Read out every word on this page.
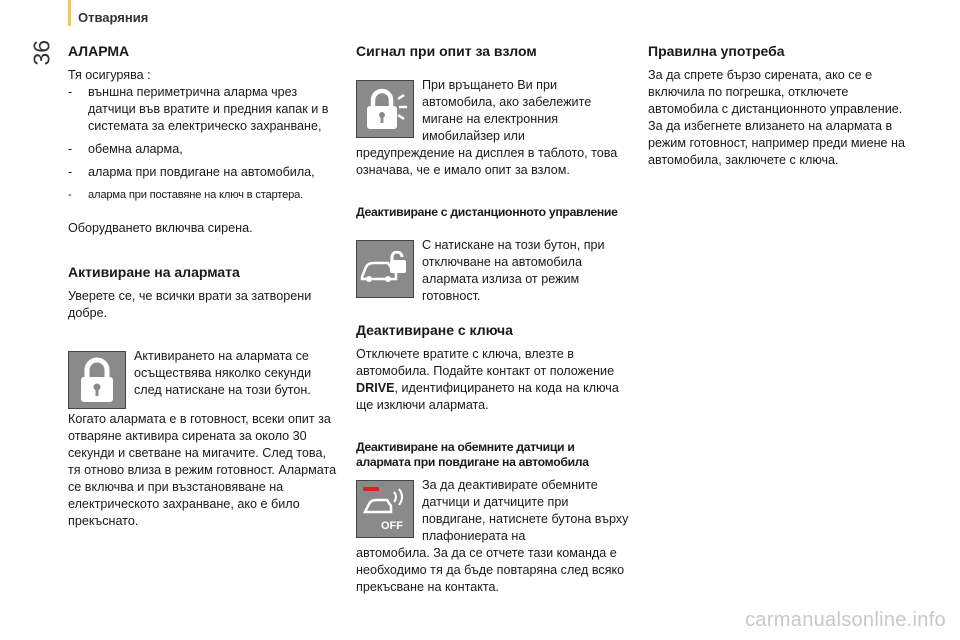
Отваряния
36 АЛАРМА

Тя осигурява :

- външна периметрична аларма чрез датчици във вратите и предния капак и в системата за електрическо захранване,
- обемна аларма,
- аларма при повдигане на автомобила,
- аларма при поставяне на ключ в стартера.

Оборудването включва сирена.

Активиране на алармата

Уверете се, че всички врати за затворени добре.

Активирането на алармата се осъществява няколко секунди след натискане на този бутон.

Когато алармата е в готовност, всеки опит за отваряне активира сирената за около 30 секунди и светване на мигачите. След това, тя отново влиза в режим готовност. Алармата се включва и при възстановяване на електрическото захранване, ако е било прекъснато.

Сигнал при опит за взлом

При връщането Ви при автомобила, ако забележите мигане на електронния имобилайзер или

предупреждение на дисплея в таблото, това означава, че е имало опит за взлом.

Деактивиране с дистанционното управление

С натискане на този бутон, при отключване на автомобила алармата излиза от режим готовност.

Деактивиране с ключа

Отключете вратите с ключа, влезте в автомобила. Подайте контакт от положение DRIVE, идентифицирането на кода на ключа ще изключи алармата.

Деактивиране на обемните датчици и алармата при повдигане на автомобила
OFF

За да деактивирате обемните датчици и датчиците при повдигане, натиснете бутона върху плафониерата на

автомобила. За да се отчете тази команда е необходимо тя да бъде повтаряна след всяко прекъсване на контакта.

Правилна употреба

За да спрете бързо сирената, ако се е включила по погрешка, отключете автомобила с дистанционното управление.

За да избегнете влизането на алармата в режим готовност, например преди миене на автомобила, заключете с ключа.

carmanualsonline.info
